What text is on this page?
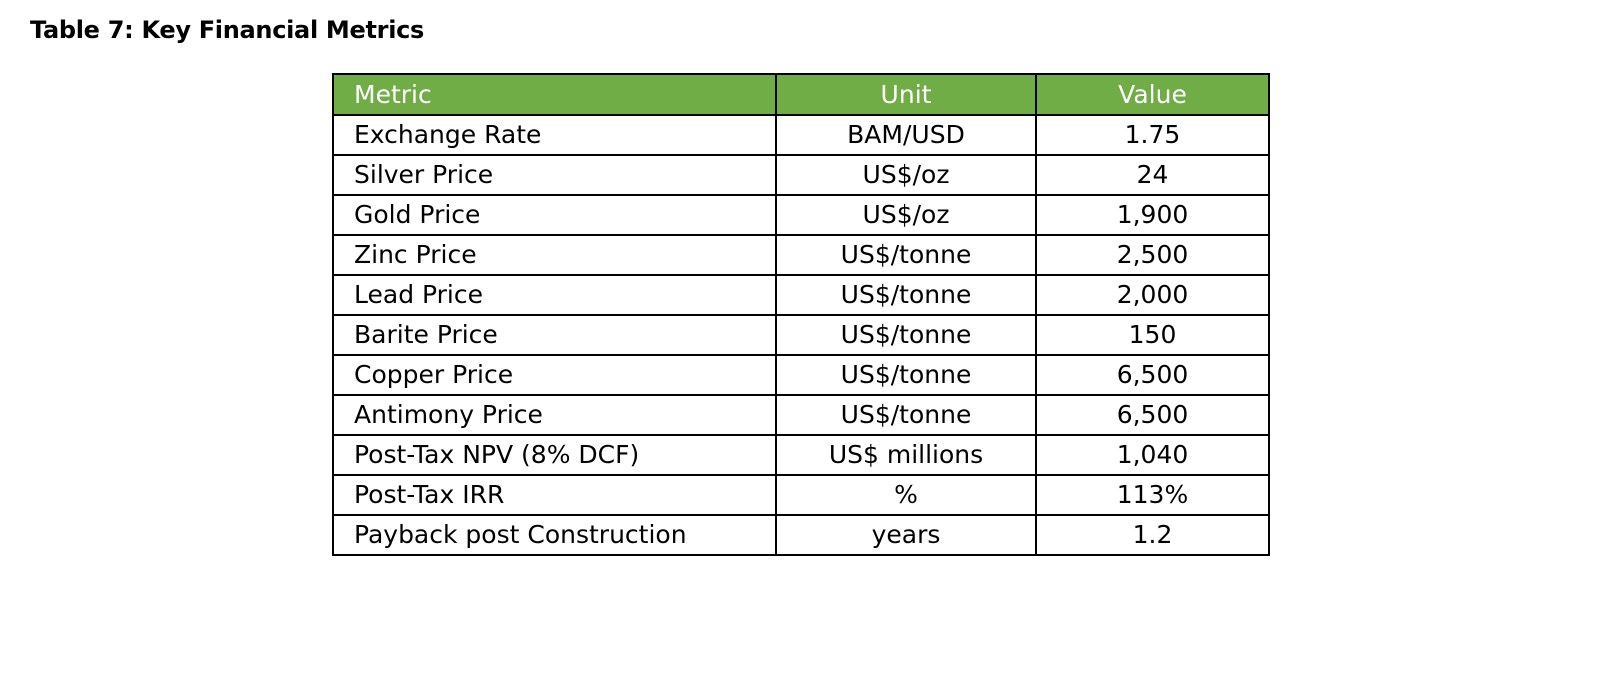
Table 7: Key Financial Metrics
Metric	Unit	Value
Exchange Rate	BAM/USD	1.75
Silver Price	US$/oz	24
Gold Price	US$/oz	1,900
Zinc Price	US$/tonne	2,500
Lead Price	US$/tonne	2,000
Barite Price	US$/tonne	150
Copper Price	US$/tonne	6,500
Antimony Price	US$/tonne	6,500
Post-Tax NPV (8% DCF)	US$ millions	1,040
Post-Tax IRR	%	113%
Payback post Construction	years	1.2
